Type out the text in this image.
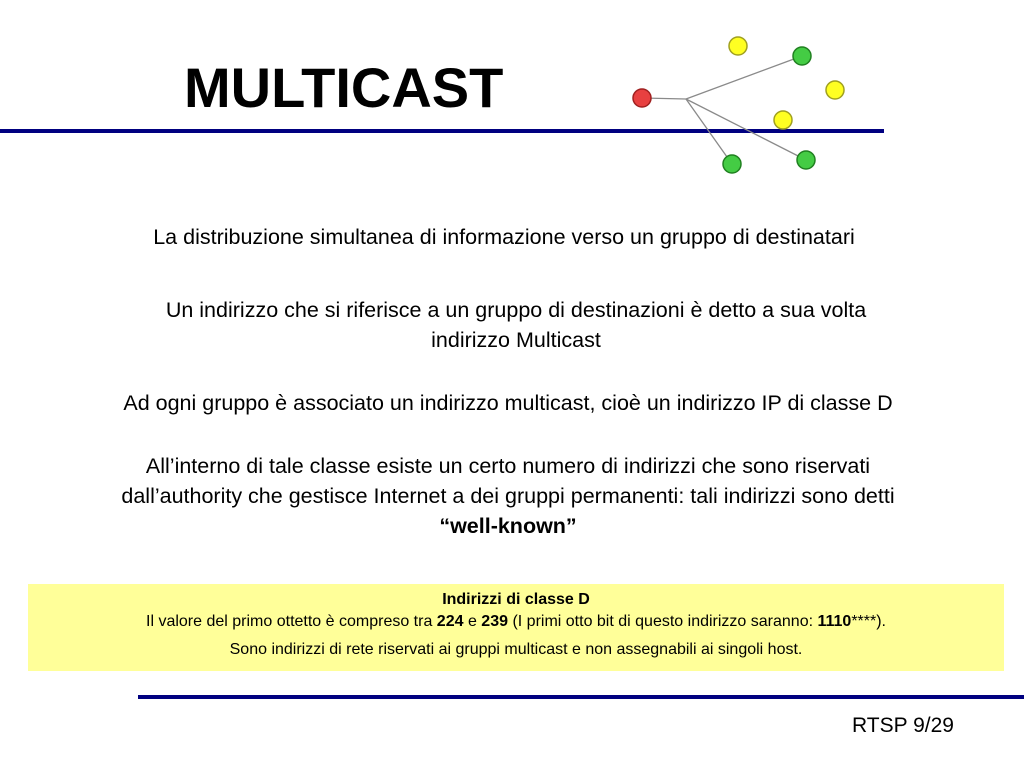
MULTICAST
La distribuzione simultanea di informazione verso un gruppo di destinatari
Un indirizzo che si riferisce a un gruppo di destinazioni è detto a sua volta
indirizzo Multicast
Ad ogni gruppo è associato un indirizzo multicast, cioè un indirizzo IP di classe D
All’interno di tale classe esiste un certo numero di indirizzi che sono riservati
dall’authority che gestisce Internet a dei gruppi permanenti: tali indirizzi sono detti
“well-known”
Indirizzi di classe D
Il valore del primo ottetto è compreso tra 224 e 239 (I primi otto bit di questo indirizzo saranno: 1110****).
Sono indirizzi di rete riservati ai gruppi multicast e non assegnabili ai singoli host.
RTSP 9/29
